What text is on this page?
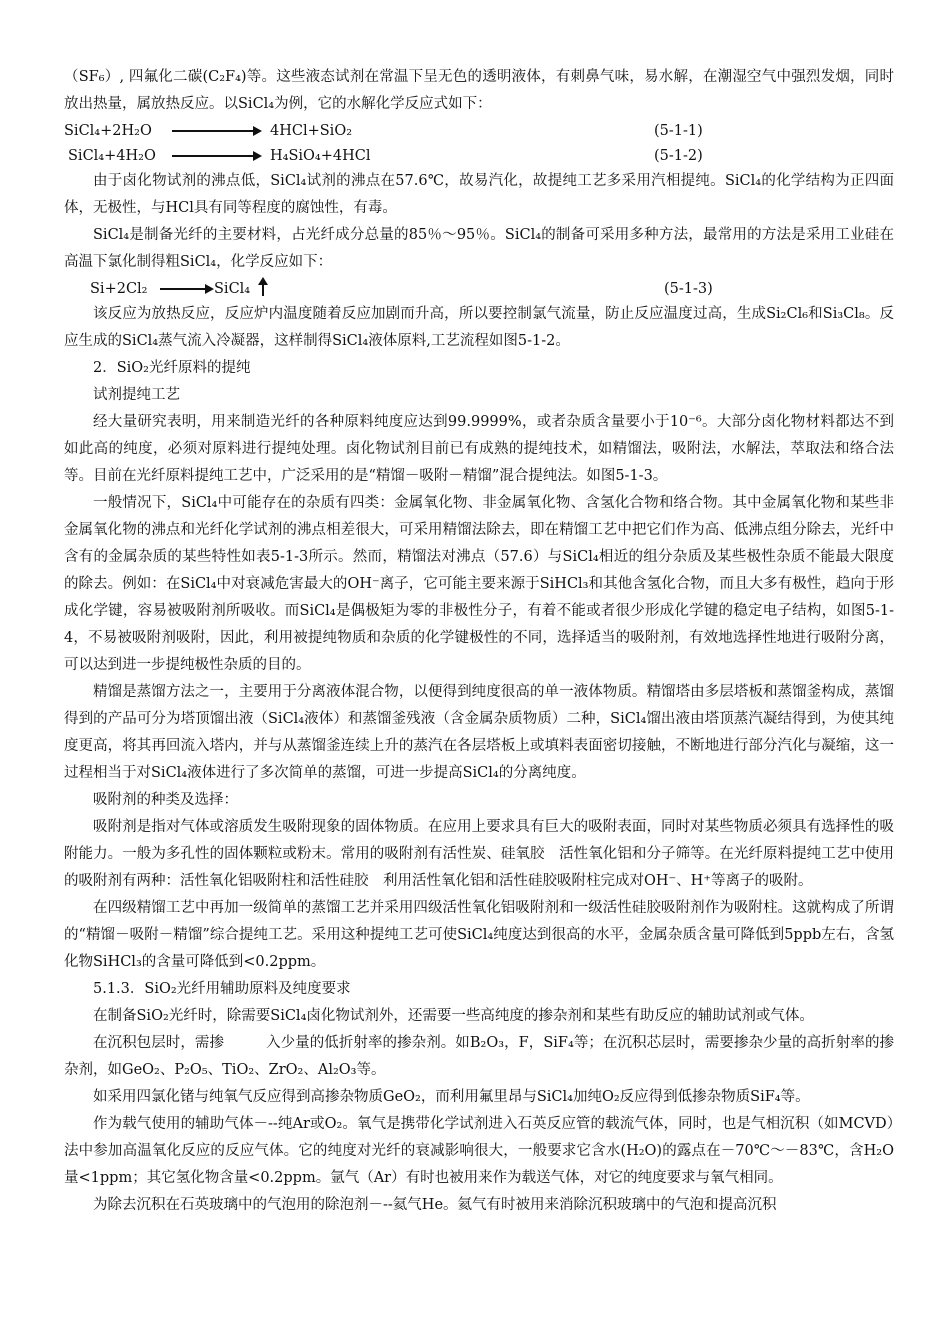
（SF₆）, 四氟化二碳(C₂F₄)等。这些液态试剂在常温下呈无色的透明液体，有刺鼻气味，易水解，在潮湿空气中强烈发烟，同时放出热量，属放热反应。以SiCl₄为例，它的水解化学反应式如下：

SiCl₄+2H₂O	4HCl+SiO₂	(5-1-1)
SiCl₄+4H₂O	H₄SiO₄+4HCl	(5-1-2)

由于卤化物试剂的沸点低，SiCl₄试剂的沸点在57.6℃，故易汽化，故提纯工艺多采用汽相提纯。SiCl₄的化学结构为正四面体，无极性，与HCl具有同等程度的腐蚀性，有毒。

SiCl₄是制备光纤的主要材料，占光纤成分总量的85％～95％。SiCl₄的制备可采用多种方法，最常用的方法是采用工业硅在高温下氯化制得粗SiCl₄，化学反应如下：

Si+2Cl₂ → SiCl₄	(5-1-3)

该反应为放热反应，反应炉内温度随着反应加剧而升高，所以要控制氯气流量，防止反应温度过高，生成Si₂Cl₆和Si₃Cl₈。反应生成的SiCl₄蒸气流入冷凝器，这样制得SiCl₄液体原料,工艺流程如图5-1-2。

2．SiO₂光纤原料的提纯

试剂提纯工艺

经大量研究表明，用来制造光纤的各种原料纯度应达到99.9999%，或者杂质含量要小于10⁻⁶。大部分卤化物材料都达不到如此高的纯度，必须对原料进行提纯处理。卤化物试剂目前已有成熟的提纯技术，如精馏法，吸附法，水解法，萃取法和络合法等。目前在光纤原料提纯工艺中，广泛采用的是“精馏－吸附－精馏”混合提纯法。如图5-1-3。

一般情况下，SiCl₄中可能存在的杂质有四类：金属氧化物、非金属氧化物、含氢化合物和络合物。其中金属氧化物和某些非金属氧化物的沸点和光纤化学试剂的沸点相差很大，可采用精馏法除去，即在精馏工艺中把它们作为高、低沸点组分除去，光纤中含有的金属杂质的某些特性如表5-1-3所示。然而，精馏法对沸点（57.6）与SiCl₄相近的组分杂质及某些极性杂质不能最大限度的除去。例如：在SiCl₄中对衰减危害最大的OH⁻离子，它可能主要来源于SiHCl₃和其他含氢化合物，而且大多有极性，趋向于形成化学键，容易被吸附剂所吸收。而SiCl₄是偶极矩为零的非极性分子，有着不能或者很少形成化学键的稳定电子结构，如图5-1-4，不易被吸附剂吸附，因此，利用被提纯物质和杂质的化学键极性的不同，选择适当的吸附剂，有效地选择性地进行吸附分离，可以达到进一步提纯极性杂质的目的。

精馏是蒸馏方法之一，主要用于分离液体混合物，以便得到纯度很高的单一液体物质。精馏塔由多层塔板和蒸馏釜构成，蒸馏得到的产品可分为塔顶馏出液（SiCl₄液体）和蒸馏釜残液（含金属杂质物质）二种，SiCl₄馏出液由塔顶蒸汽凝结得到，为使其纯度更高，将其再回流入塔内，并与从蒸馏釜连续上升的蒸汽在各层塔板上或填料表面密切接触，不断地进行部分汽化与凝缩，这一过程相当于对SiCl₄液体进行了多次简单的蒸馏，可进一步提高SiCl₄的分离纯度。

吸附剂的种类及选择：

吸附剂是指对气体或溶质发生吸附现象的固体物质。在应用上要求具有巨大的吸附表面，同时对某些物质必须具有选择性的吸附能力。一般为多孔性的固体颗粒或粉末。常用的吸附剂有活性炭、硅氧胶　活性氧化铝和分子筛等。在光纤原料提纯工艺中使用的吸附剂有两种：活性氧化铝吸附柱和活性硅胶　利用活性氧化铝和活性硅胶吸附柱完成对OH⁻、H⁺等离子的吸附。

在四级精馏工艺中再加一级简单的蒸馏工艺并采用四级活性氧化铝吸附剂和一级活性硅胶吸附剂作为吸附柱。这就构成了所谓的“精馏－吸附－精馏”综合提纯工艺。采用这种提纯工艺可使SiCl₄纯度达到很高的水平，金属杂质含量可降低到5ppb左右，含氢化物SiHCl₃的含量可降低到<0.2ppm。

5.1.3．SiO₂光纤用辅助原料及纯度要求

在制备SiO₂光纤时，除需要SiCl₄卤化物试剂外，还需要一些高纯度的掺杂剂和某些有助反应的辅助试剂或气体。

在沉积包层时，需掺	入少量的低折射率的掺杂剂。如B₂O₃，F，SiF₄等；在沉积芯层时，需要掺杂少量的高折射率的掺杂剂，如GeO₂、P₂O₅、TiO₂、ZrO₂、Al₂O₃等。

如采用四氯化锗与纯氧气反应得到高掺杂物质GeO₂，而利用氟里昂与SiCl₄加纯O₂反应得到低掺杂物质SiF₄等。

作为载气使用的辅助气体－--纯Ar或O₂。氧气是携带化学试剂进入石英反应管的载流气体，同时，也是气相沉积（如MCVD）法中参加高温氧化反应的反应气体。它的纯度对光纤的衰减影响很大，一般要求它含水(H₂O)的露点在－70℃～－83℃，含H₂O量<1ppm；其它氢化物含量<0.2ppm。氩气（Ar）有时也被用来作为载送气体，对它的纯度要求与氧气相同。

为除去沉积在石英玻璃中的气泡用的除泡剂－--氦气He。氦气有时被用来消除沉积玻璃中的气泡和提高沉积
